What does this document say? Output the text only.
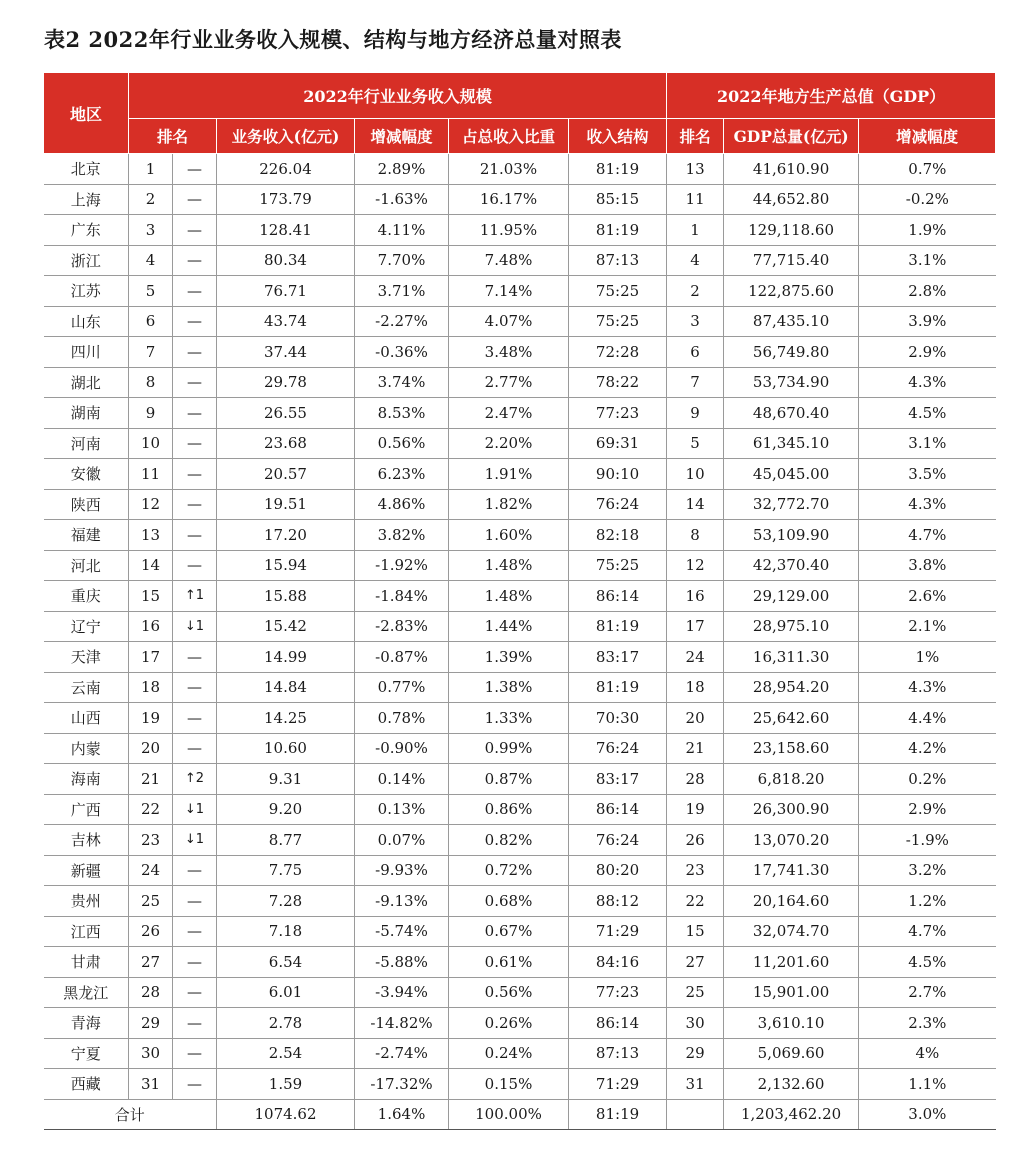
表2 2022年行业业务收入规模、结构与地方经济总量对照表
地区	2022年行业业务收入规模						2022年地方生产总值（GDP）		
	排名		业务收入(亿元)	增减幅度	占总收入比重	收入结构	排名	GDP总量(亿元)	增减幅度
北京	1	—	226.04	2.89%	21.03%	81:19	13	41,610.90	0.7%
上海	2	—	173.79	-1.63%	16.17%	85:15	11	44,652.80	-0.2%
广东	3	—	128.41	4.11%	11.95%	81:19	1	129,118.60	1.9%
浙江	4	—	80.34	7.70%	7.48%	87:13	4	77,715.40	3.1%
江苏	5	—	76.71	3.71%	7.14%	75:25	2	122,875.60	2.8%
山东	6	—	43.74	-2.27%	4.07%	75:25	3	87,435.10	3.9%
四川	7	—	37.44	-0.36%	3.48%	72:28	6	56,749.80	2.9%
湖北	8	—	29.78	3.74%	2.77%	78:22	7	53,734.90	4.3%
湖南	9	—	26.55	8.53%	2.47%	77:23	9	48,670.40	4.5%
河南	10	—	23.68	0.56%	2.20%	69:31	5	61,345.10	3.1%
安徽	11	—	20.57	6.23%	1.91%	90:10	10	45,045.00	3.5%
陕西	12	—	19.51	4.86%	1.82%	76:24	14	32,772.70	4.3%
福建	13	—	17.20	3.82%	1.60%	82:18	8	53,109.90	4.7%
河北	14	—	15.94	-1.92%	1.48%	75:25	12	42,370.40	3.8%
重庆	15	↑1	15.88	-1.84%	1.48%	86:14	16	29,129.00	2.6%
辽宁	16	↓1	15.42	-2.83%	1.44%	81:19	17	28,975.10	2.1%
天津	17	—	14.99	-0.87%	1.39%	83:17	24	16,311.30	1%
云南	18	—	14.84	0.77%	1.38%	81:19	18	28,954.20	4.3%
山西	19	—	14.25	0.78%	1.33%	70:30	20	25,642.60	4.4%
内蒙	20	—	10.60	-0.90%	0.99%	76:24	21	23,158.60	4.2%
海南	21	↑2	9.31	0.14%	0.87%	83:17	28	6,818.20	0.2%
广西	22	↓1	9.20	0.13%	0.86%	86:14	19	26,300.90	2.9%
吉林	23	↓1	8.77	0.07%	0.82%	76:24	26	13,070.20	-1.9%
新疆	24	—	7.75	-9.93%	0.72%	80:20	23	17,741.30	3.2%
贵州	25	—	7.28	-9.13%	0.68%	88:12	22	20,164.60	1.2%
江西	26	—	7.18	-5.74%	0.67%	71:29	15	32,074.70	4.7%
甘肃	27	—	6.54	-5.88%	0.61%	84:16	27	11,201.60	4.5%
黑龙江	28	—	6.01	-3.94%	0.56%	77:23	25	15,901.00	2.7%
青海	29	—	2.78	-14.82%	0.26%	86:14	30	3,610.10	2.3%
宁夏	30	—	2.54	-2.74%	0.24%	87:13	29	5,069.60	4%
西藏	31	—	1.59	-17.32%	0.15%	71:29	31	2,132.60	1.1%
合计			1074.62	1.64%	100.00%	81:19		1,203,462.20	3.0%
